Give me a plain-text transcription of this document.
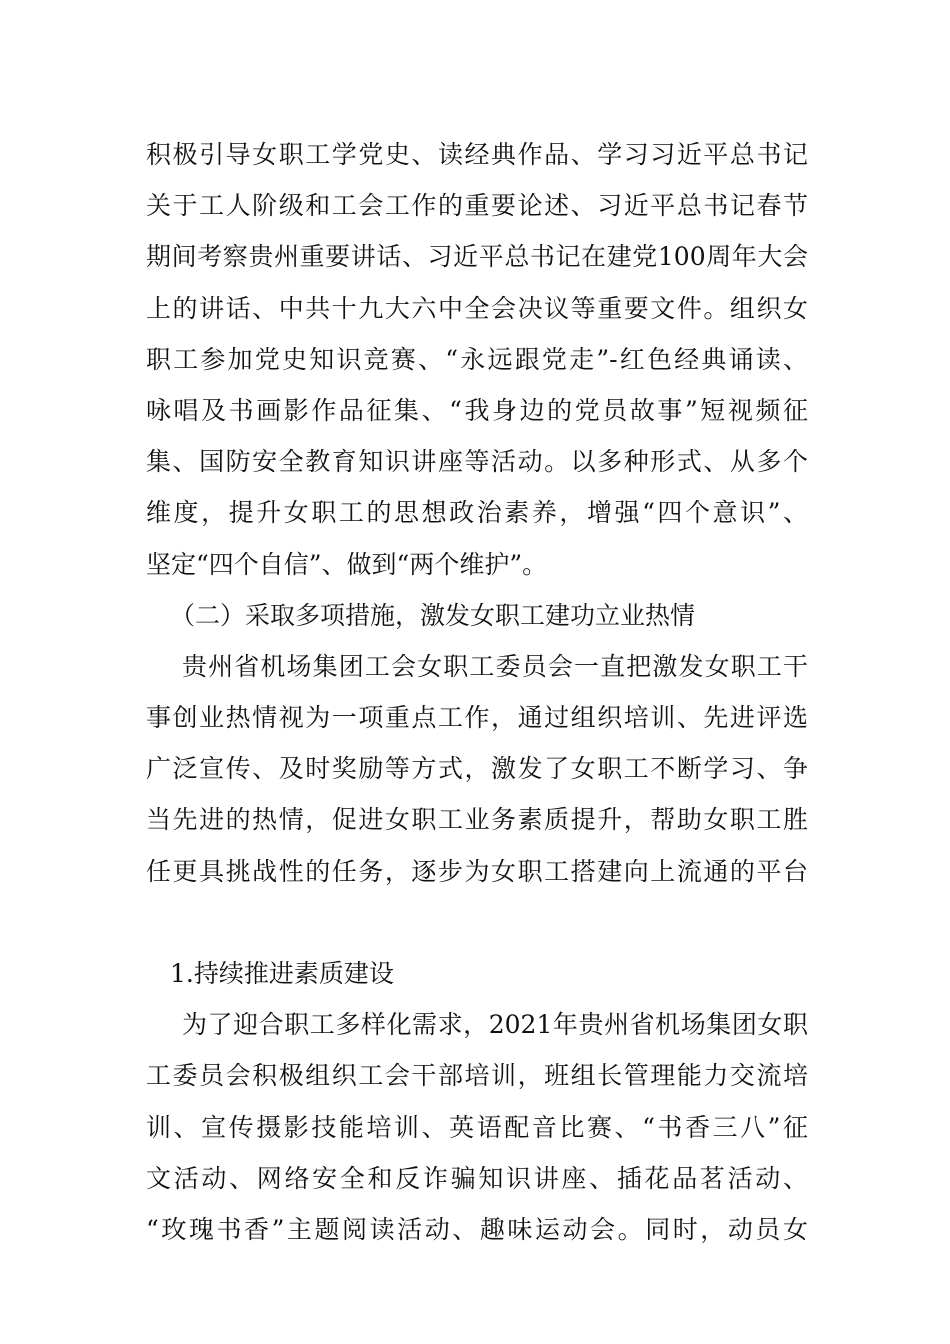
积极引导女职工学党史、读经典作品、学习习近平总书记
关于工人阶级和工会工作的重要论述、习近平总书记春节
期间考察贵州重要讲话、习近平总书记在建党100周年大会
上的讲话、中共十九大六中全会决议等重要文件。组织女
职工参加党史知识竞赛、“永远跟党走”-红色经典诵读、
咏唱及书画影作品征集、“我身边的党员故事”短视频征
集、国防安全教育知识讲座等活动。以多种形式、从多个
维度，提升女职工的思想政治素养，增强“四个意识”、
坚定“四个自信”、做到“两个维护”。
（二）采取多项措施，激发女职工建功立业热情
贵州省机场集团工会女职工委员会一直把激发女职工干
事创业热情视为一项重点工作，通过组织培训、先进评选
广泛宣传、及时奖励等方式，激发了女职工不断学习、争
当先进的热情，促进女职工业务素质提升，帮助女职工胜
任更具挑战性的任务，逐步为女职工搭建向上流通的平台
1.持续推进素质建设
为了迎合职工多样化需求，2021年贵州省机场集团女职
工委员会积极组织工会干部培训，班组长管理能力交流培
训、宣传摄影技能培训、英语配音比赛、“书香三八”征
文活动、网络安全和反诈骗知识讲座、插花品茗活动、
“玫瑰书香”主题阅读活动、趣味运动会。同时，动员女
